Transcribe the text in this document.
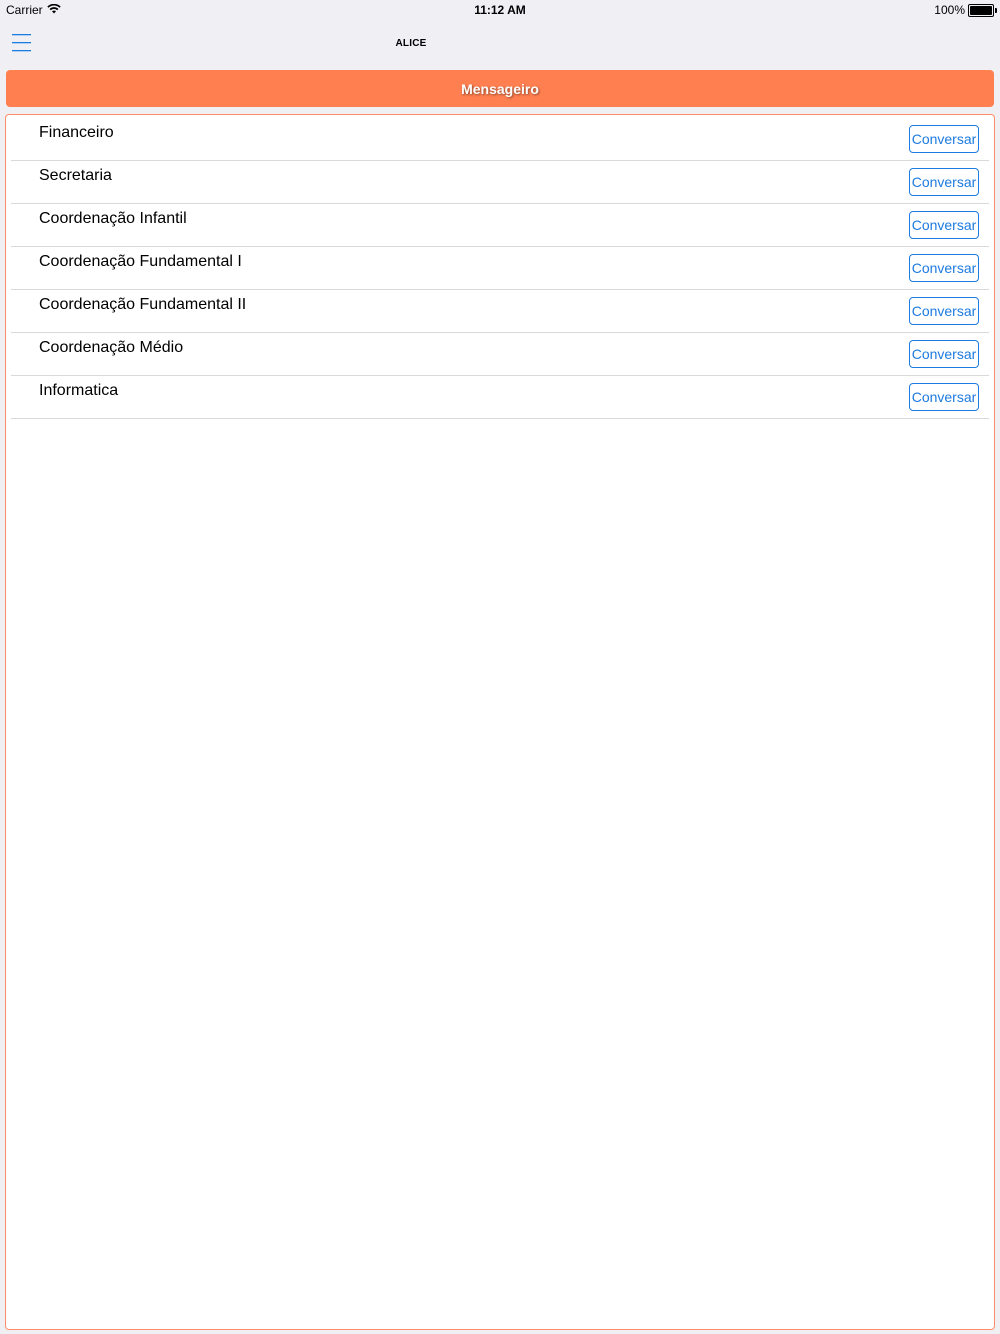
Carrier	11:12 AM	100%
ALICE
Mensageiro
Financeiro	Conversar
Secretaria	Conversar
Coordenação Infantil	Conversar
Coordenação Fundamental I	Conversar
Coordenação Fundamental II	Conversar
Coordenação Médio	Conversar
Informatica	Conversar
